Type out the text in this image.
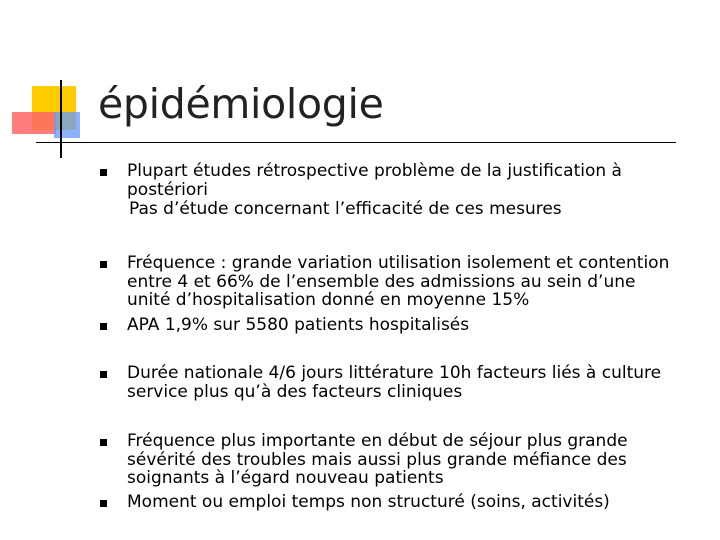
épidémiologie
Plupart études rétrospective problème de la justification à
postériori
Pas d’étude concernant l’efficacité de ces mesures
Fréquence : grande variation utilisation isolement et contention
entre 4 et 66% de l’ensemble des admissions au sein d’une
unité d’hospitalisation donné en moyenne 15%
APA 1,9% sur 5580 patients hospitalisés
Durée nationale 4/6 jours littérature 10h facteurs liés à culture
service plus qu’à des facteurs cliniques
Fréquence plus importante en début de séjour plus grande
sévérité des troubles mais aussi plus grande méfiance des
soignants à l’égard nouveau patients
Moment ou emploi temps non structuré (soins, activités)
